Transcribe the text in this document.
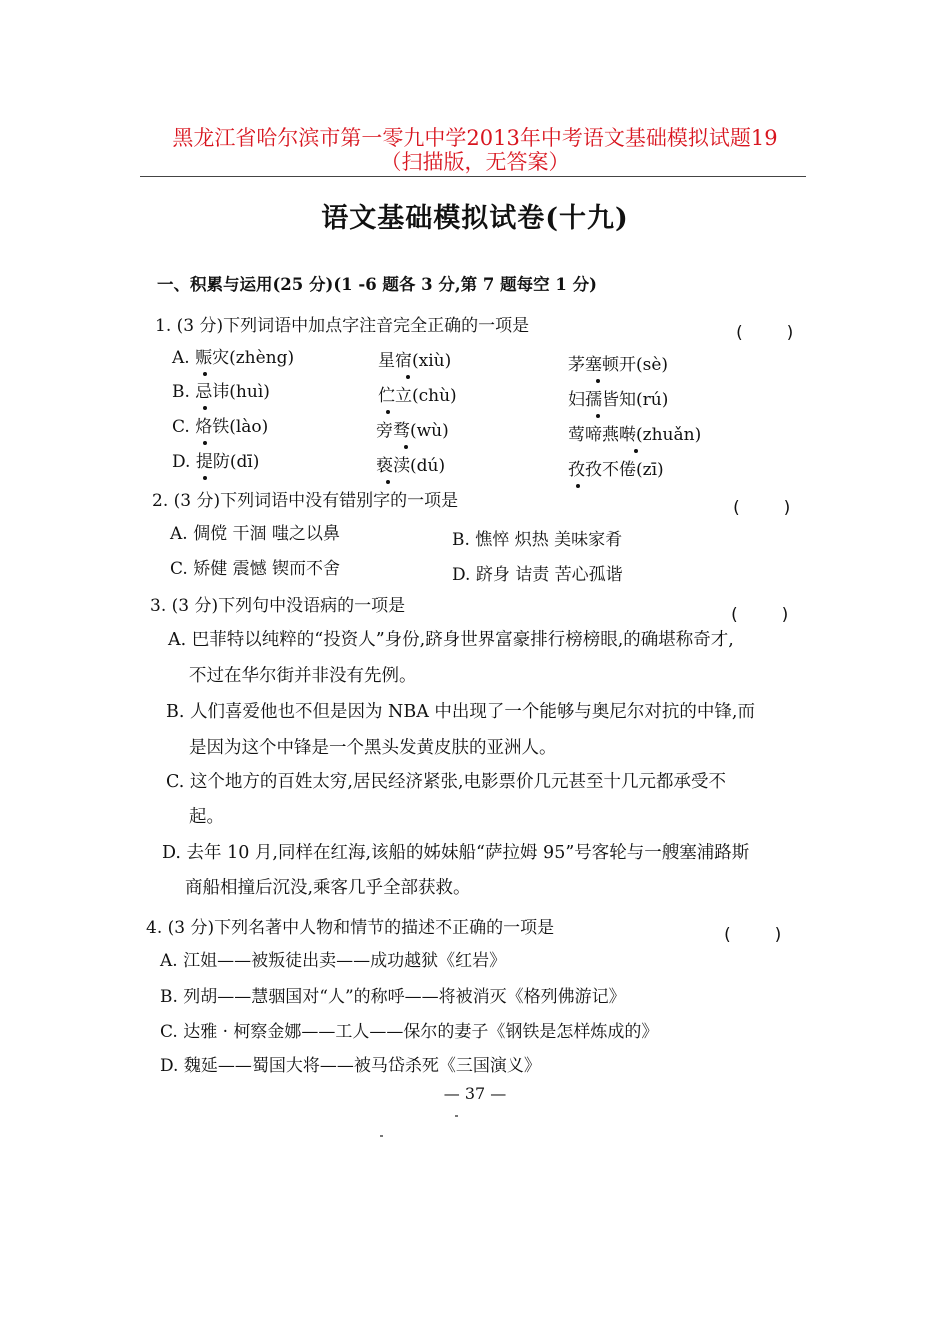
黑龙江省哈尔滨市第一零九中学2013年中考语文基础模拟试题19
（扫描版，无答案）
语文基础模拟试卷(十九)
一、积累与运用(25 分)(1 -6 题各 3 分,第 7 题每空 1 分)
1. (3 分)下列词语中加点字注音完全正确的一项是	(    )
A. 赈灾(zhèng)	星宿(xiù)	茅塞顿开(sè)
B. 忌讳(huì)	伫立(chù)	妇孺皆知(rú)
C. 烙铁(lào)	旁骛(wù)	莺啼燕啭(zhuǎn)
D. 提防(dī)	亵渎(dú)	孜孜不倦(zī)
2. (3 分)下列词语中没有错别字的一项是	(    )
A. 倜傥 干涸 嗤之以鼻	B. 憔悴 炽热 美味家肴
C. 矫健 震憾 锲而不舍	D. 跻身 诘责 苦心孤谐
3. (3 分)下列句中没语病的一项是	(    )
A. 巴菲特以纯粹的“投资人”身份,跻身世界富豪排行榜榜眼,的确堪称奇才,
不过在华尔街并非没有先例。
B. 人们喜爱他也不但是因为 NBA 中出现了一个能够与奥尼尔对抗的中锋,而
是因为这个中锋是一个黑头发黄皮肤的亚洲人。
C. 这个地方的百姓太穷,居民经济紧张,电影票价几元甚至十几元都承受不
起。
D. 去年 10 月,同样在红海,该船的姊妹船“萨拉姆 95”号客轮与一艘塞浦路斯
商船相撞后沉没,乘客几乎全部获救。
4. (3 分)下列名著中人物和情节的描述不正确的一项是	(    )
A. 江姐——被叛徒出卖——成功越狱《红岩》
B. 列胡——慧骃国对“人”的称呼——将被消灭《格列佛游记》
C. 达雅 · 柯察金娜——工人——保尔的妻子《钢铁是怎样炼成的》
D. 魏延——蜀国大将——被马岱杀死《三国演义》
— 37 —
